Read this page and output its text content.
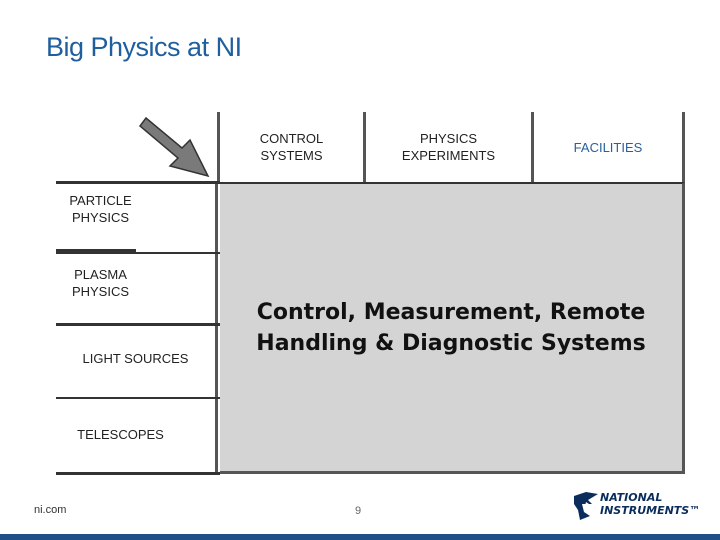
Big Physics at NI
CONTROL
SYSTEMS
PHYSICS
EXPERIMENTS
FACILITIES
PARTICLE
PHYSICS
PLASMA
PHYSICS
LIGHT SOURCES
TELESCOPES
Control, Measurement, Remote
Handling & Diagnostic Systems
ni.com	9
NATIONAL
INSTRUMENTS™
